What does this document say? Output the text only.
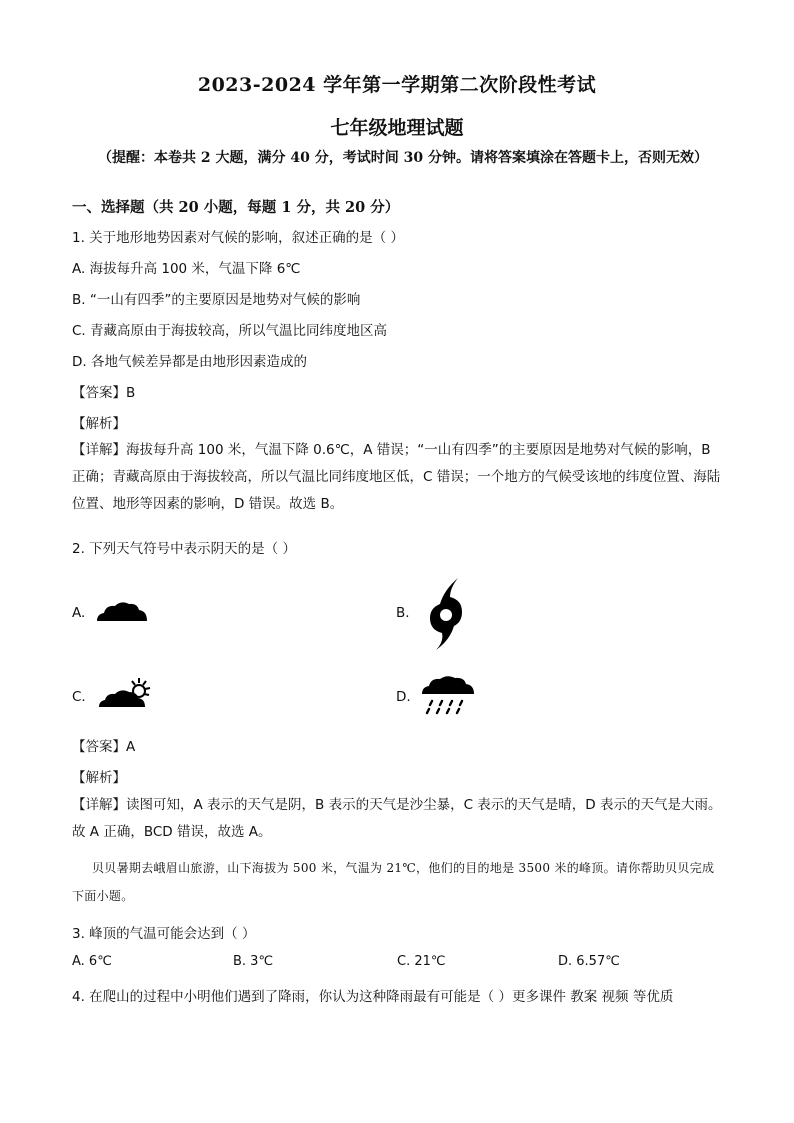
2023-2024 学年第一学期第二次阶段性考试
七年级地理试题
（提醒：本卷共 2 大题，满分 40 分，考试时间 30 分钟。请将答案填涂在答题卡上，否则无效）
一、选择题（共 20 小题，每题 1 分，共 20 分）
1. 关于地形地势因素对气候的影响，叙述正确的是（ ）
A. 海拔每升高 100 米，气温下降 6℃
B. “一山有四季”的主要原因是地势对气候的影响
C. 青藏高原由于海拔较高，所以气温比同纬度地区高
D. 各地气候差异都是由地形因素造成的
【答案】B
【解析】
【详解】海拔每升高 100 米，气温下降 0.6℃，A 错误；“一山有四季”的主要原因是地势对气候的影响，B 正确；青藏高原由于海拔较高，所以气温比同纬度地区低，C 错误；一个地方的气候受该地的纬度位置、海陆位置、地形等因素的影响，D 错误。故选 B。
2. 下列天气符号中表示阴天的是（ ）
A.	B.
C.	D.
【答案】A
【解析】
【详解】读图可知，A 表示的天气是阴，B 表示的天气是沙尘暴，C 表示的天气是晴，D 表示的天气是大雨。故 A 正确，BCD 错误，故选 A。
贝贝暑期去峨眉山旅游，山下海拔为 500 米，气温为 21℃，他们的目的地是 3500 米的峰顶。请你帮助贝贝完成下面小题。
3. 峰顶的气温可能会达到（ ）
A. 6℃	B. 3℃	C. 21℃	D. 6.57℃
4. 在爬山的过程中小明他们遇到了降雨，你认为这种降雨最有可能是（ ）更多课件 教案 视频 等优质
